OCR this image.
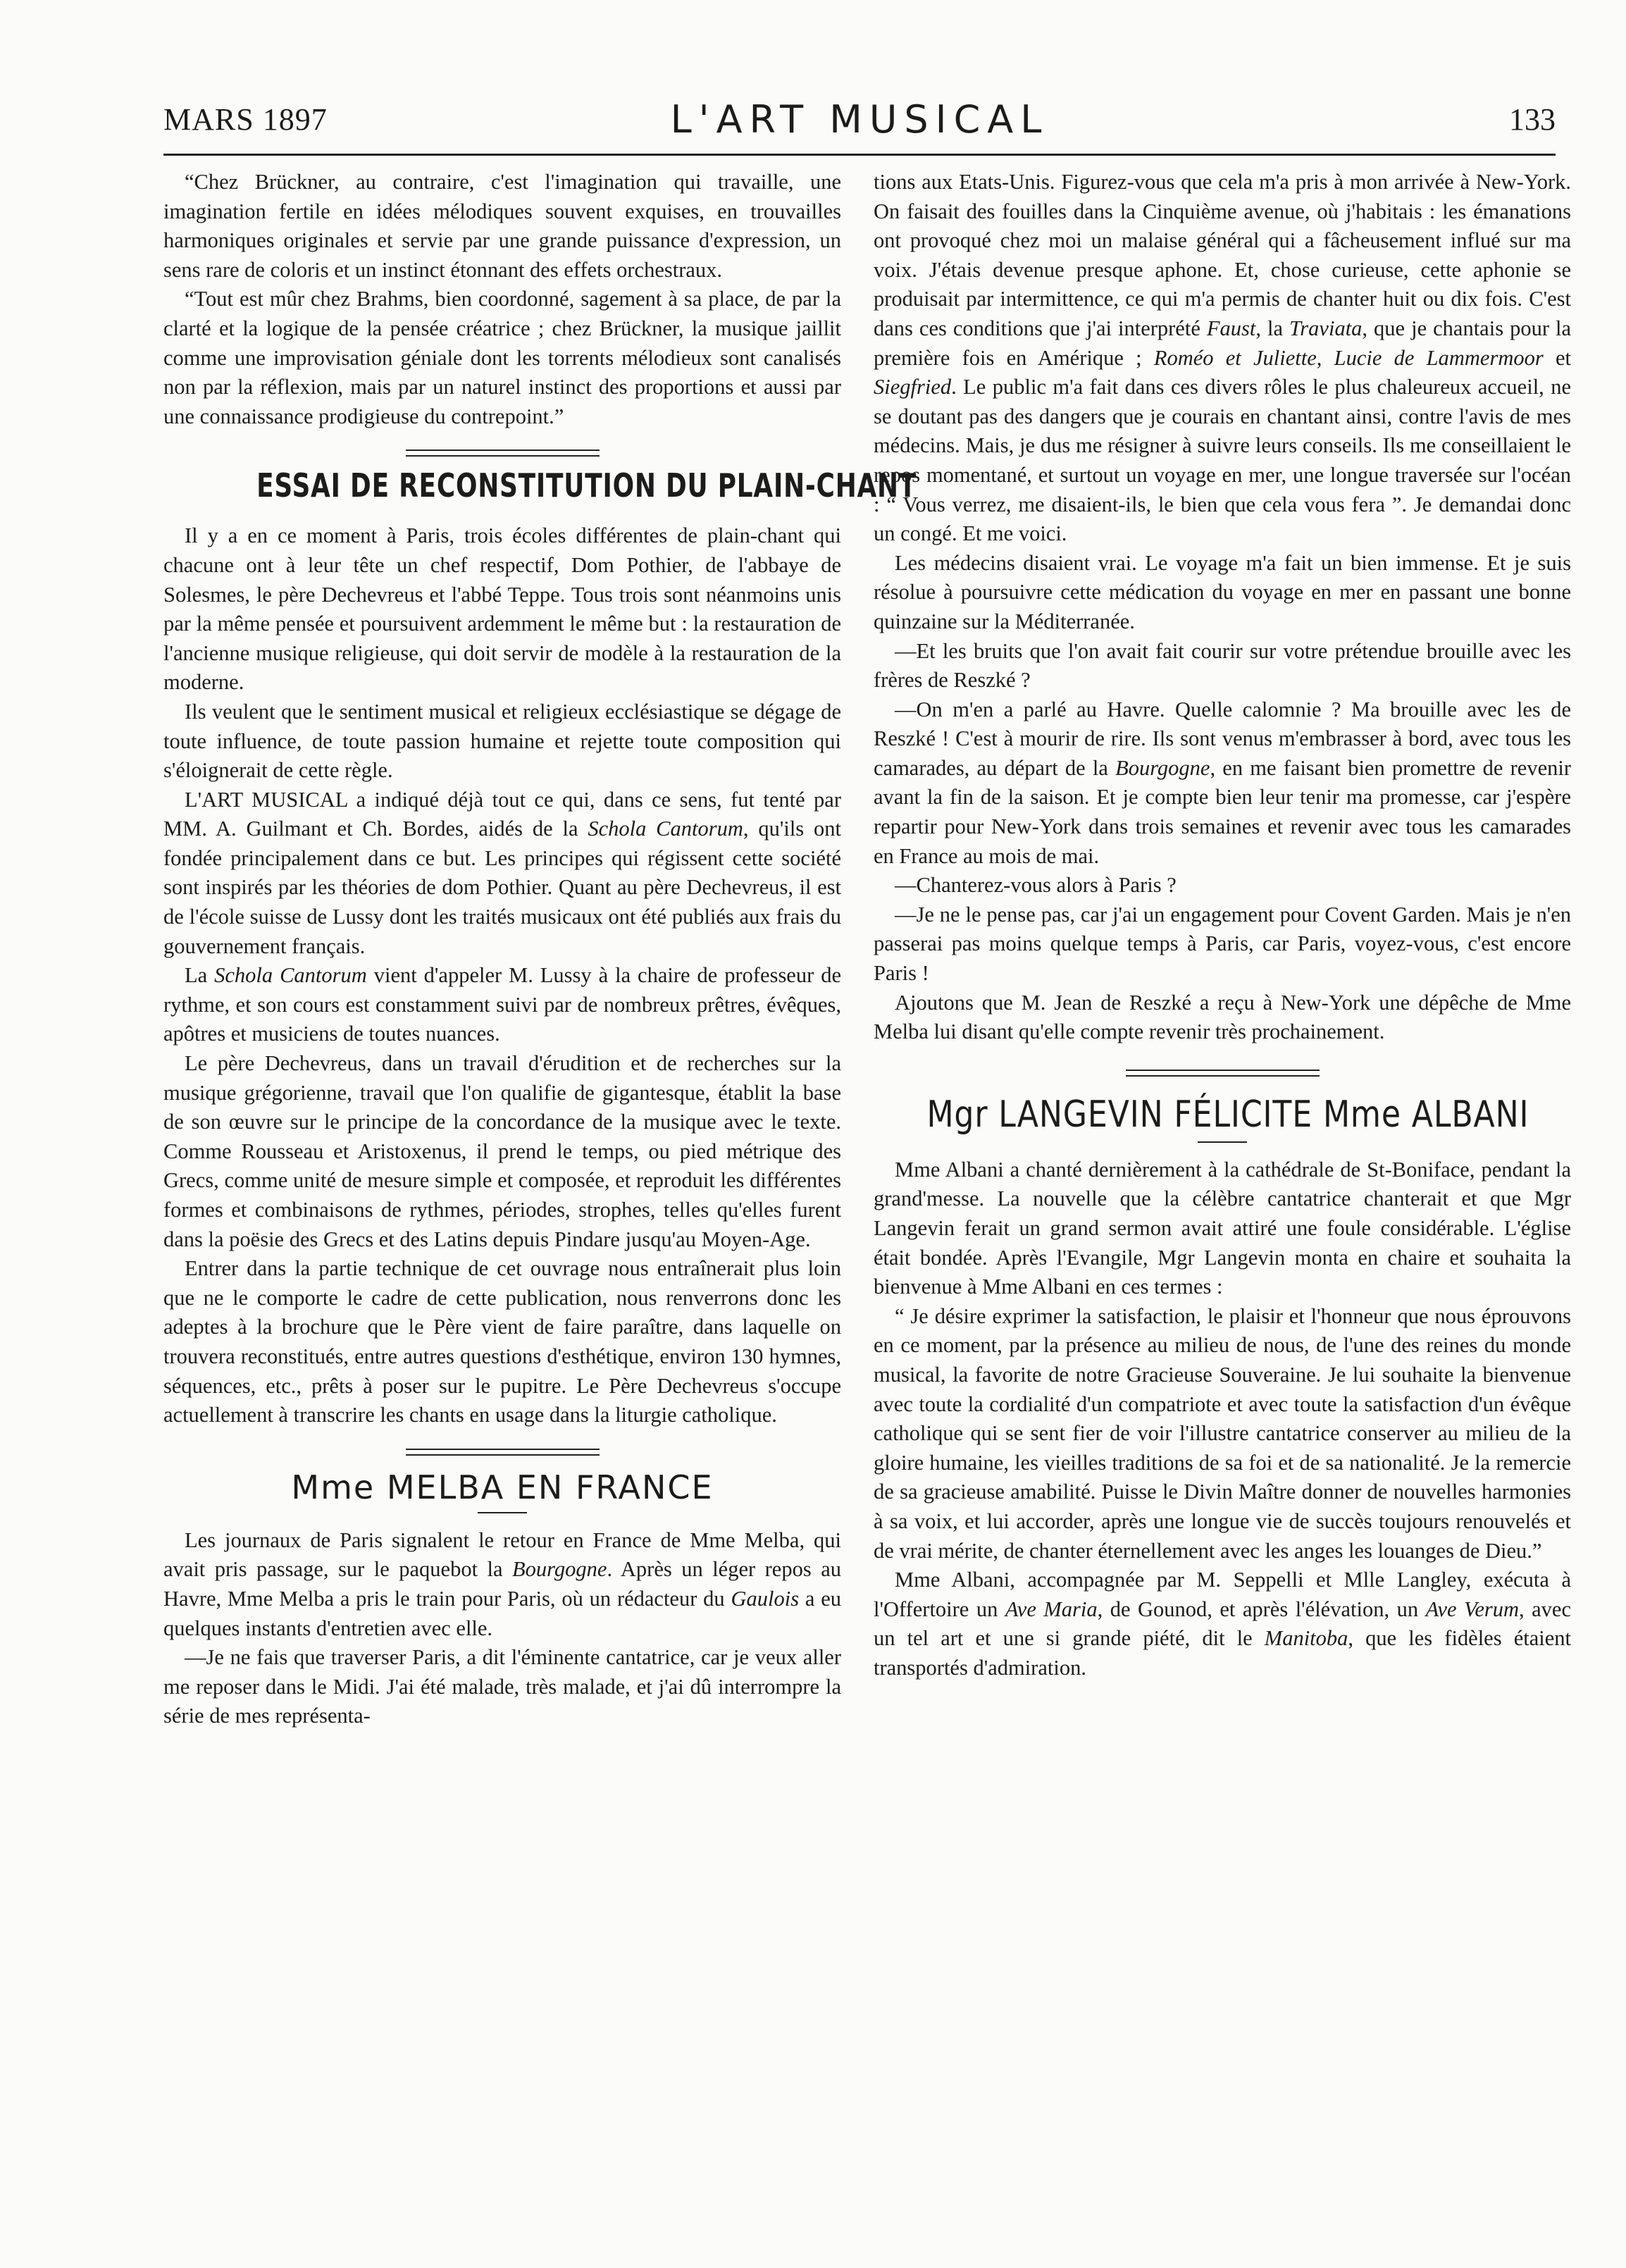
MARS 1897	L'ART MUSICAL	133

“Chez Brückner, au contraire, c'est l'imagination qui travaille, une imagination fertile en idées mélodiques souvent exquises, en trouvailles harmoniques originales et servie par une grande puissance d'expression, un sens rare de coloris et un instinct étonnant des effets orchestraux.

“Tout est mûr chez Brahms, bien coordonné, sagement à sa place, de par la clarté et la logique de la pensée créatrice ; chez Brückner, la musique jaillit comme une improvisation géniale dont les torrents mélodieux sont canalisés non par la réflexion, mais par un naturel instinct des proportions et aussi par une connaissance prodigieuse du contrepoint.”

ESSAI DE RECONSTITUTION DU PLAIN-CHANT

Il y a en ce moment à Paris, trois écoles différentes de plain-chant qui chacune ont à leur tête un chef respectif, Dom Pothier, de l'abbaye de Solesmes, le père Dechevreus et l'abbé Teppe. Tous trois sont néanmoins unis par la même pensée et poursuivent ardemment le même but : la restauration de l'ancienne musique religieuse, qui doit servir de modèle à la restauration de la moderne.

Ils veulent que le sentiment musical et religieux ecclésiastique se dégage de toute influence, de toute passion humaine et rejette toute composition qui s'éloignerait de cette règle.

L'ART MUSICAL a indiqué déjà tout ce qui, dans ce sens, fut tenté par MM. A. Guilmant et Ch. Bordes, aidés de la Schola Cantorum, qu'ils ont fondée principalement dans ce but. Les principes qui régissent cette société sont inspirés par les théories de dom Pothier. Quant au père Dechevreus, il est de l'école suisse de Lussy dont les traités musicaux ont été publiés aux frais du gouvernement français.

La Schola Cantorum vient d'appeler M. Lussy à la chaire de professeur de rythme, et son cours est constamment suivi par de nombreux prêtres, évêques, apôtres et musiciens de toutes nuances.

Le père Dechevreus, dans un travail d'érudition et de recherches sur la musique grégorienne, travail que l'on qualifie de gigantesque, établit la base de son œuvre sur le principe de la concordance de la musique avec le texte. Comme Rousseau et Aristoxenus, il prend le temps, ou pied métrique des Grecs, comme unité de mesure simple et composée, et reproduit les différentes formes et combinaisons de rythmes, périodes, strophes, telles qu'elles furent dans la poësie des Grecs et des Latins depuis Pindare jusqu'au Moyen-Age.

Entrer dans la partie technique de cet ouvrage nous entraînerait plus loin que ne le comporte le cadre de cette publication, nous renverrons donc les adeptes à la brochure que le Père vient de faire paraître, dans laquelle on trouvera reconstitués, entre autres questions d'esthétique, environ 130 hymnes, séquences, etc., prêts à poser sur le pupitre. Le Père Dechevreus s'occupe actuellement à transcrire les chants en usage dans la liturgie catholique.

Mme MELBA EN FRANCE

Les journaux de Paris signalent le retour en France de Mme Melba, qui avait pris passage, sur le paquebot la Bourgogne. Après un léger repos au Havre, Mme Melba a pris le train pour Paris, où un rédacteur du Gaulois a eu quelques instants d'entretien avec elle.

—Je ne fais que traverser Paris, a dit l'éminente cantatrice, car je veux aller me reposer dans le Midi. J'ai été malade, très malade, et j'ai dû interrompre la série de mes représenta-

tions aux Etats-Unis. Figurez-vous que cela m'a pris à mon arrivée à New-York. On faisait des fouilles dans la Cinquième avenue, où j'habitais : les émanations ont provoqué chez moi un malaise général qui a fâcheusement influé sur ma voix. J'étais devenue presque aphone. Et, chose curieuse, cette aphonie se produisait par intermittence, ce qui m'a permis de chanter huit ou dix fois. C'est dans ces conditions que j'ai interprété Faust, la Traviata, que je chantais pour la première fois en Amérique ; Roméo et Juliette, Lucie de Lammermoor et Siegfried. Le public m'a fait dans ces divers rôles le plus chaleureux accueil, ne se doutant pas des dangers que je courais en chantant ainsi, contre l'avis de mes médecins. Mais, je dus me résigner à suivre leurs conseils. Ils me conseillaient le repos momentané, et surtout un voyage en mer, une longue traversée sur l'océan : “ Vous verrez, me disaient-ils, le bien que cela vous fera ”. Je demandai donc un congé. Et me voici.

Les médecins disaient vrai. Le voyage m'a fait un bien immense. Et je suis résolue à poursuivre cette médication du voyage en mer en passant une bonne quinzaine sur la Méditerranée.

—Et les bruits que l'on avait fait courir sur votre prétendue brouille avec les frères de Reszké ?

—On m'en a parlé au Havre. Quelle calomnie ? Ma brouille avec les de Reszké ! C'est à mourir de rire. Ils sont venus m'embrasser à bord, avec tous les camarades, au départ de la Bourgogne, en me faisant bien promettre de revenir avant la fin de la saison. Et je compte bien leur tenir ma promesse, car j'espère repartir pour New-York dans trois semaines et revenir avec tous les camarades en France au mois de mai.

—Chanterez-vous alors à Paris ?

—Je ne le pense pas, car j'ai un engagement pour Covent Garden. Mais je n'en passerai pas moins quelque temps à Paris, car Paris, voyez-vous, c'est encore Paris !

Ajoutons que M. Jean de Reszké a reçu à New-York une dépêche de Mme Melba lui disant qu'elle compte revenir très prochainement.

Mgr LANGEVIN FÉLICITE Mme ALBANI

Mme Albani a chanté dernièrement à la cathédrale de St-Boniface, pendant la grand'messe. La nouvelle que la célèbre cantatrice chanterait et que Mgr Langevin ferait un grand sermon avait attiré une foule considérable. L'église était bondée. Après l'Evangile, Mgr Langevin monta en chaire et souhaita la bienvenue à Mme Albani en ces termes :

“ Je désire exprimer la satisfaction, le plaisir et l'honneur que nous éprouvons en ce moment, par la présence au milieu de nous, de l'une des reines du monde musical, la favorite de notre Gracieuse Souveraine. Je lui souhaite la bienvenue avec toute la cordialité d'un compatriote et avec toute la satisfaction d'un évêque catholique qui se sent fier de voir l'illustre cantatrice conserver au milieu de la gloire humaine, les vieilles traditions de sa foi et de sa nationalité. Je la remercie de sa gracieuse amabilité. Puisse le Divin Maître donner de nouvelles harmonies à sa voix, et lui accorder, après une longue vie de succès toujours renouvelés et de vrai mérite, de chanter éternellement avec les anges les louanges de Dieu.”

Mme Albani, accompagnée par M. Seppelli et Mlle Langley, exécuta à l'Offertoire un Ave Maria, de Gounod, et après l'élévation, un Ave Verum, avec un tel art et une si grande piété, dit le Manitoba, que les fidèles étaient transportés d'admiration.
